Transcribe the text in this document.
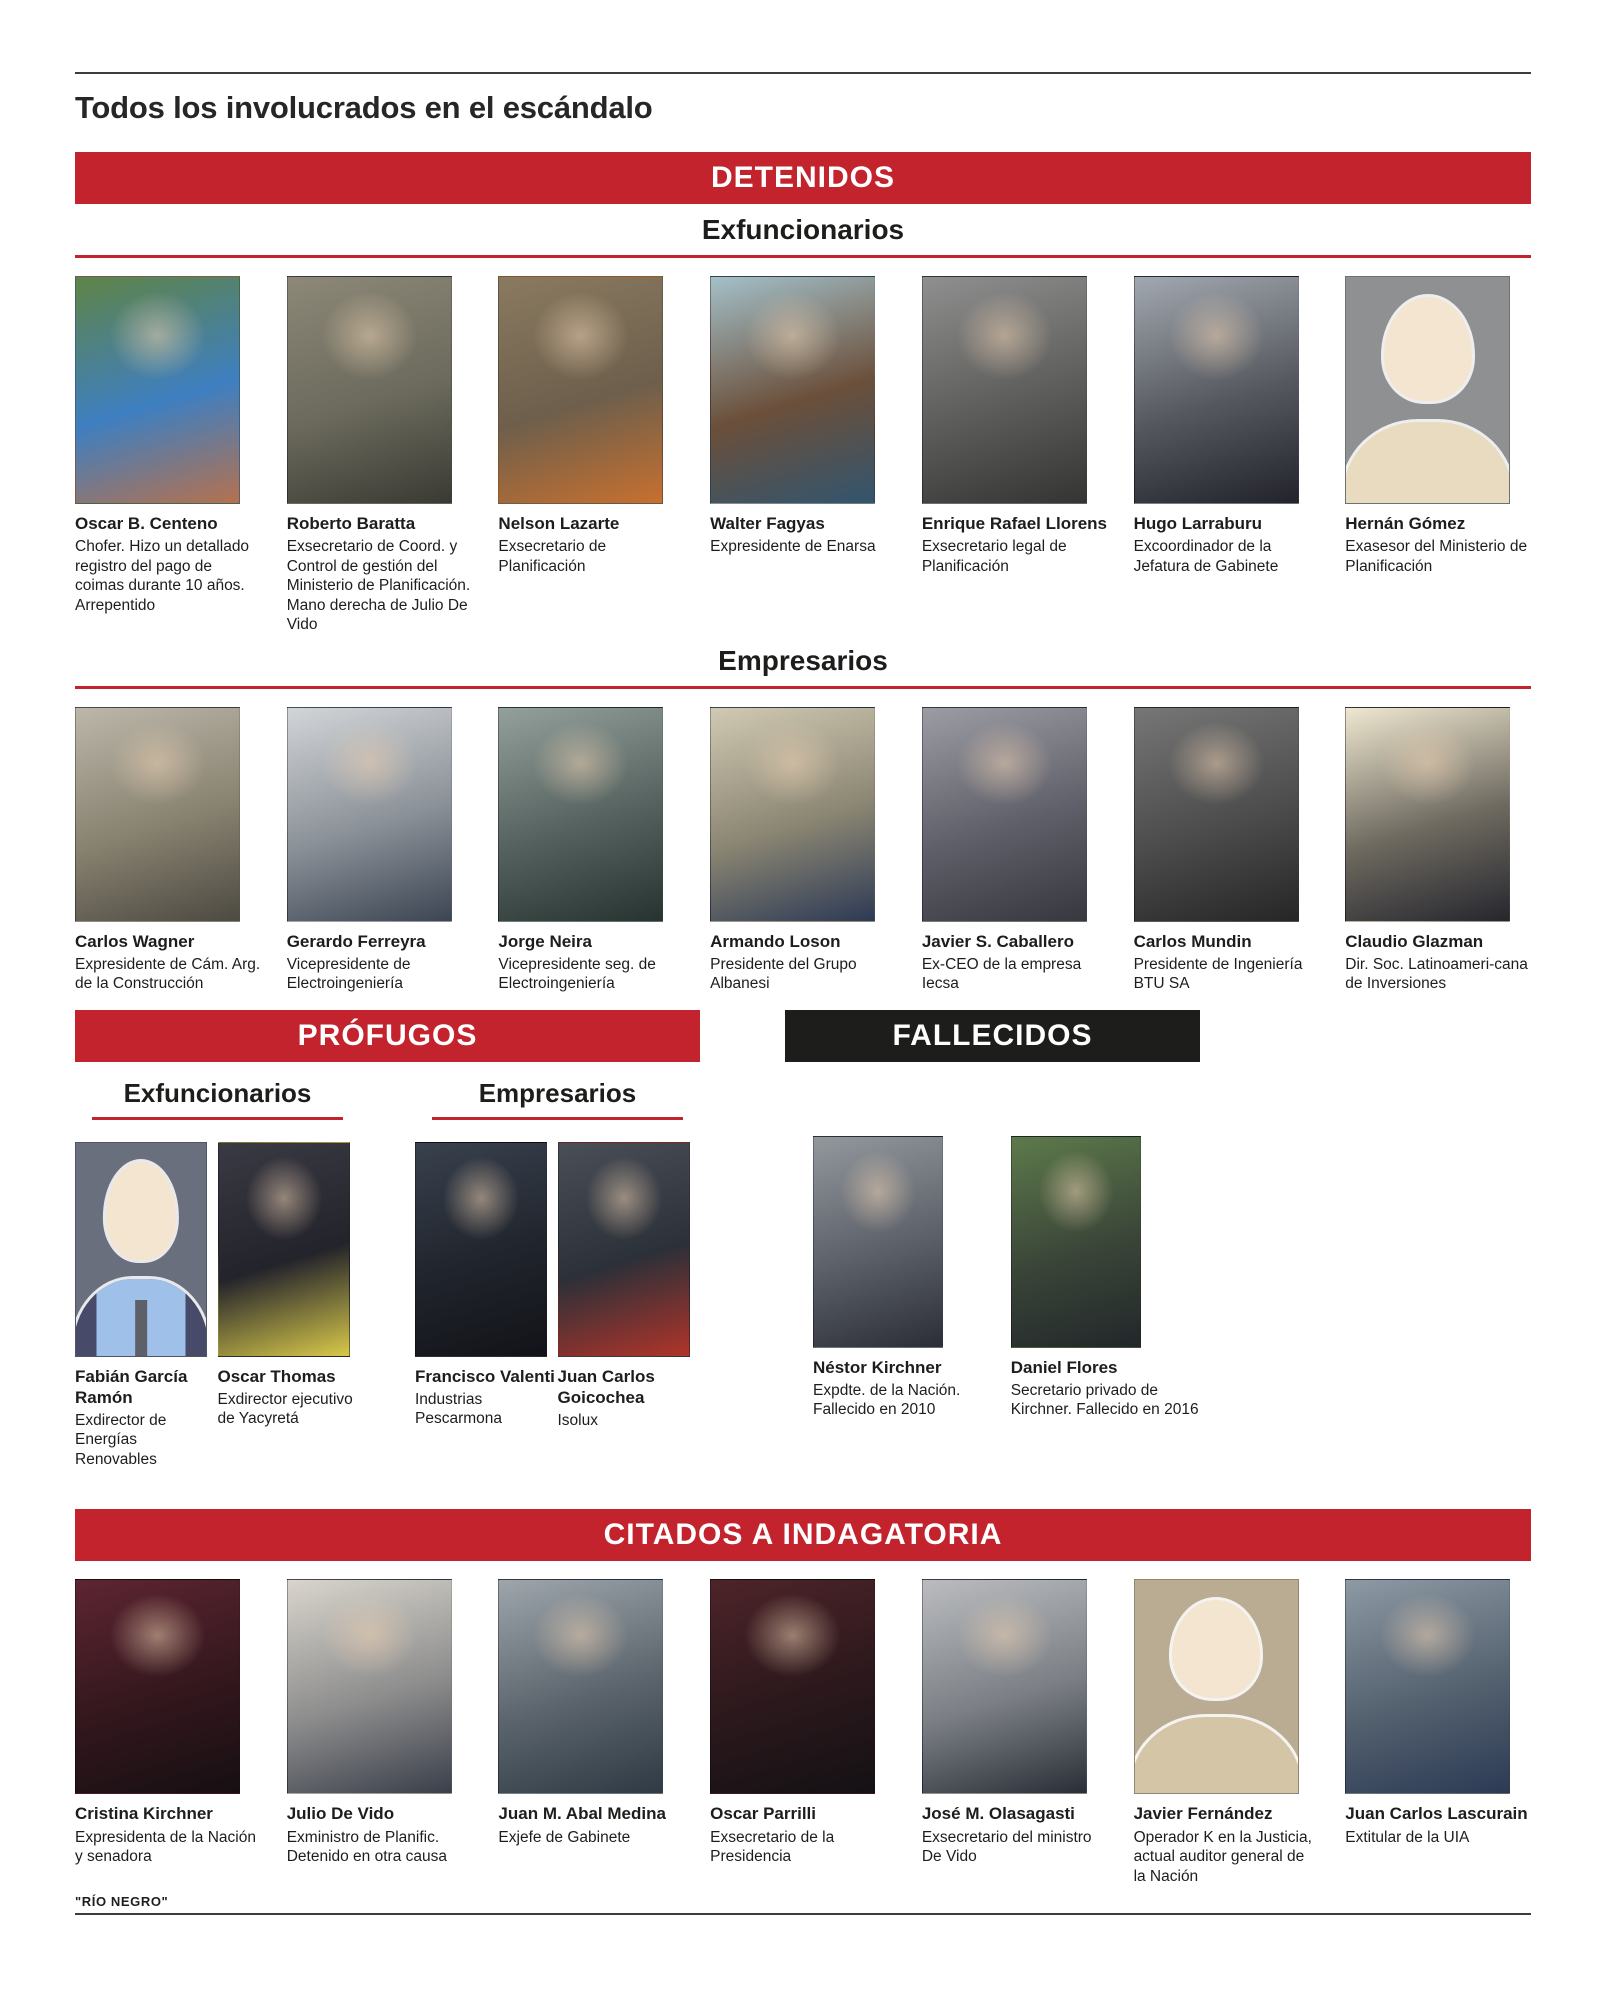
Todos los involucrados en el escándalo
DETENIDOS
Exfuncionarios
Oscar B. Centeno
Chofer. Hizo un detallado registro del pago de coimas durante 10 años. Arrepentido
Roberto Baratta
Exsecretario de Coord. y Control de gestión del Ministerio de Planificación. Mano derecha de Julio De Vido
Nelson Lazarte
Exsecretario de Planificación
Walter Fagyas
Expresidente de Enarsa
Enrique Rafael Llorens
Exsecretario legal de Planificación
Hugo Larraburu
Excoordinador de la Jefatura de Gabinete
Hernán Gómez
Exasesor del Ministerio de Planificación
Empresarios
Carlos Wagner
Expresidente de Cám. Arg. de la Construcción
Gerardo Ferreyra
Vicepresidente de Electroingeniería
Jorge Neira
Vicepresidente seg. de Electroingeniería
Armando Loson
Presidente del Grupo Albanesi
Javier S. Caballero
Ex-CEO de la empresa Iecsa
Carlos Mundin
Presidente de Ingeniería BTU SA
Claudio Glazman
Dir. Soc. Latinoameri-cana de Inversiones
PRÓFUGOS
Exfuncionarios
Fabián García Ramón
Exdirector de Energías Renovables
Oscar Thomas
Exdirector ejecutivo de Yacyretá
Empresarios
Francisco Valenti
Industrias Pescarmona
Juan Carlos Goicochea
Isolux
FALLECIDOS
Néstor Kirchner
Expdte. de la Nación. Fallecido en 2010
Daniel Flores
Secretario privado de Kirchner. Fallecido en 2016
CITADOS A INDAGATORIA
Cristina Kirchner
Expresidenta de la Nación y senadora
Julio De Vido
Exministro de Planific. Detenido en otra causa
Juan M. Abal Medina
Exjefe de Gabinete
Oscar Parrilli
Exsecretario de la Presidencia
José M. Olasagasti
Exsecretario del ministro De Vido
Javier Fernández
Operador K en la Justicia, actual auditor general de la Nación
Juan Carlos Lascurain
Extitular de la UIA
"RÍO NEGRO"
